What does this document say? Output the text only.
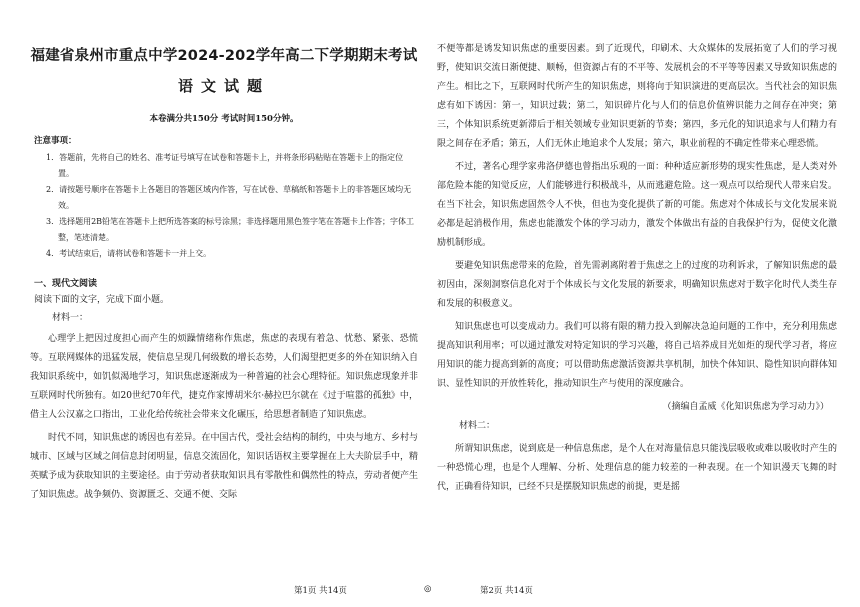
福建省泉州市重点中学2024-202学年高二下学期期末考试
语文试题
本卷满分共150分 考试时间150分钟。
注意事项：
1．答题前，先将自己的姓名、准考证号填写在试卷和答题卡上，并将条形码粘贴在答题卡上的指定位置。
2．请按题号顺序在答题卡上各题目的答题区域内作答，写在试卷、草稿纸和答题卡上的非答题区域均无效。
3．选择题用2B铅笔在答题卡上把所选答案的标号涂黑；非选择题用黑色签字笔在答题卡上作答；字体工整，笔迹清楚。
4．考试结束后，请将试卷和答题卡一并上交。
一、现代文阅读
阅读下面的文字，完成下面小题。
材料一：

心理学上把因过度担心而产生的烦躁情绪称作焦虑，焦虑的表现有着急、忧愁、紧张、恐慌等。互联网媒体的迅猛发展，使信息呈现几何级数的增长态势，人们渴望把更多的外在知识纳入自我知识系统中，如饥似渴地学习，知识焦虑逐渐成为一种普遍的社会心理特征。知识焦虑现象并非互联网时代所独有。如20世纪70年代，捷克作家博胡米尔·赫拉巴尔就在《过于喧嚣的孤独》中，借主人公汉嘉之口指出，工业化给传统社会带来文化碾压，给思想者制造了知识焦虑。

时代不同，知识焦虑的诱因也有差异。在中国古代，受社会结构的制约，中央与地方、乡村与城市、区域与区域之间信息封闭明显，信息交流固化，知识话语权主要掌握在上大夫阶层手中，精英赋予成为获取知识的主要途径。由于劳动者获取知识具有零散性和偶然性的特点，劳动者便产生了知识焦虑。战争频仍、资源匮乏、交通不便、交际

不便等都是诱发知识焦虑的重要因素。到了近现代，印刷术、大众媒体的发展拓宽了人们的学习视野，使知识交流日渐便捷、顺畅，但资源占有的不平等、发展机会的不平等等因素又导致知识焦虑的产生。相比之下，互联网时代所产生的知识焦虑，则将向于知识演进的更高层次。当代社会的知识焦虑有如下诱因：第一，知识过载；第二，知识碎片化与人们的信息价值辨识能力之间存在冲突；第三，个体知识系统更新滞后于相关领域专业知识更新的节奏；第四，多元化的知识追求与人们精力有限之间存在矛盾；第五，人们无休止地追求个人发展；第六，职业前程的不确定性带来心理恐慌。

不过，著名心理学家弗洛伊德也曾指出乐观的一面：种种适应新形势的现实性焦虑，是人类对外部危险本能的知觉反应，人们能够进行积极战斗，从而逃避危险。这一观点可以给现代人带来启发。在当下社会，知识焦虑固然令人不快，但也为变化提供了新的可能。焦虑对个体成长与文化发展来说必都是起消极作用，焦虑也能激发个体的学习动力，激发个体做出有益的自我保护行为，促使文化激励机制形成。

要避免知识焦虑带来的危险，首先需剥离附着于焦虑之上的过度的功利诉求，了解知识焦虑的最初因由，深刻洞察信息化对于个体成长与文化发展的新要求，明确知识焦虑对于数字化时代人类生存和发展的积极意义。

知识焦虑也可以变成动力。我们可以将有限的精力投入到解决急迫问题的工作中，充分利用焦虑提高知识利用率；可以通过激发对特定知识的学习兴趣，将自己培养成目光如炬的现代学习者，将应用知识的能力提高到新的高度；可以借助焦虑激活资源共享机制，加快个体知识、隐性知识向群体知识、显性知识的开放性转化，推动知识生产与使用的深度融合。

（摘编自孟威《化知识焦虑为学习动力》）
材料二：

所谓知识焦虑，说到底是一种信息焦虑，是个人在对海量信息只能浅层吸收或难以吸收时产生的一种恐慌心理，也是个人理解、分析、处理信息的能力较差的一种表现。在一个知识漫天飞舞的时代，正确看待知识，已经不只是摆脱知识焦虑的前提，更是摇

第1页 共14页	◎	第2页 共14页
